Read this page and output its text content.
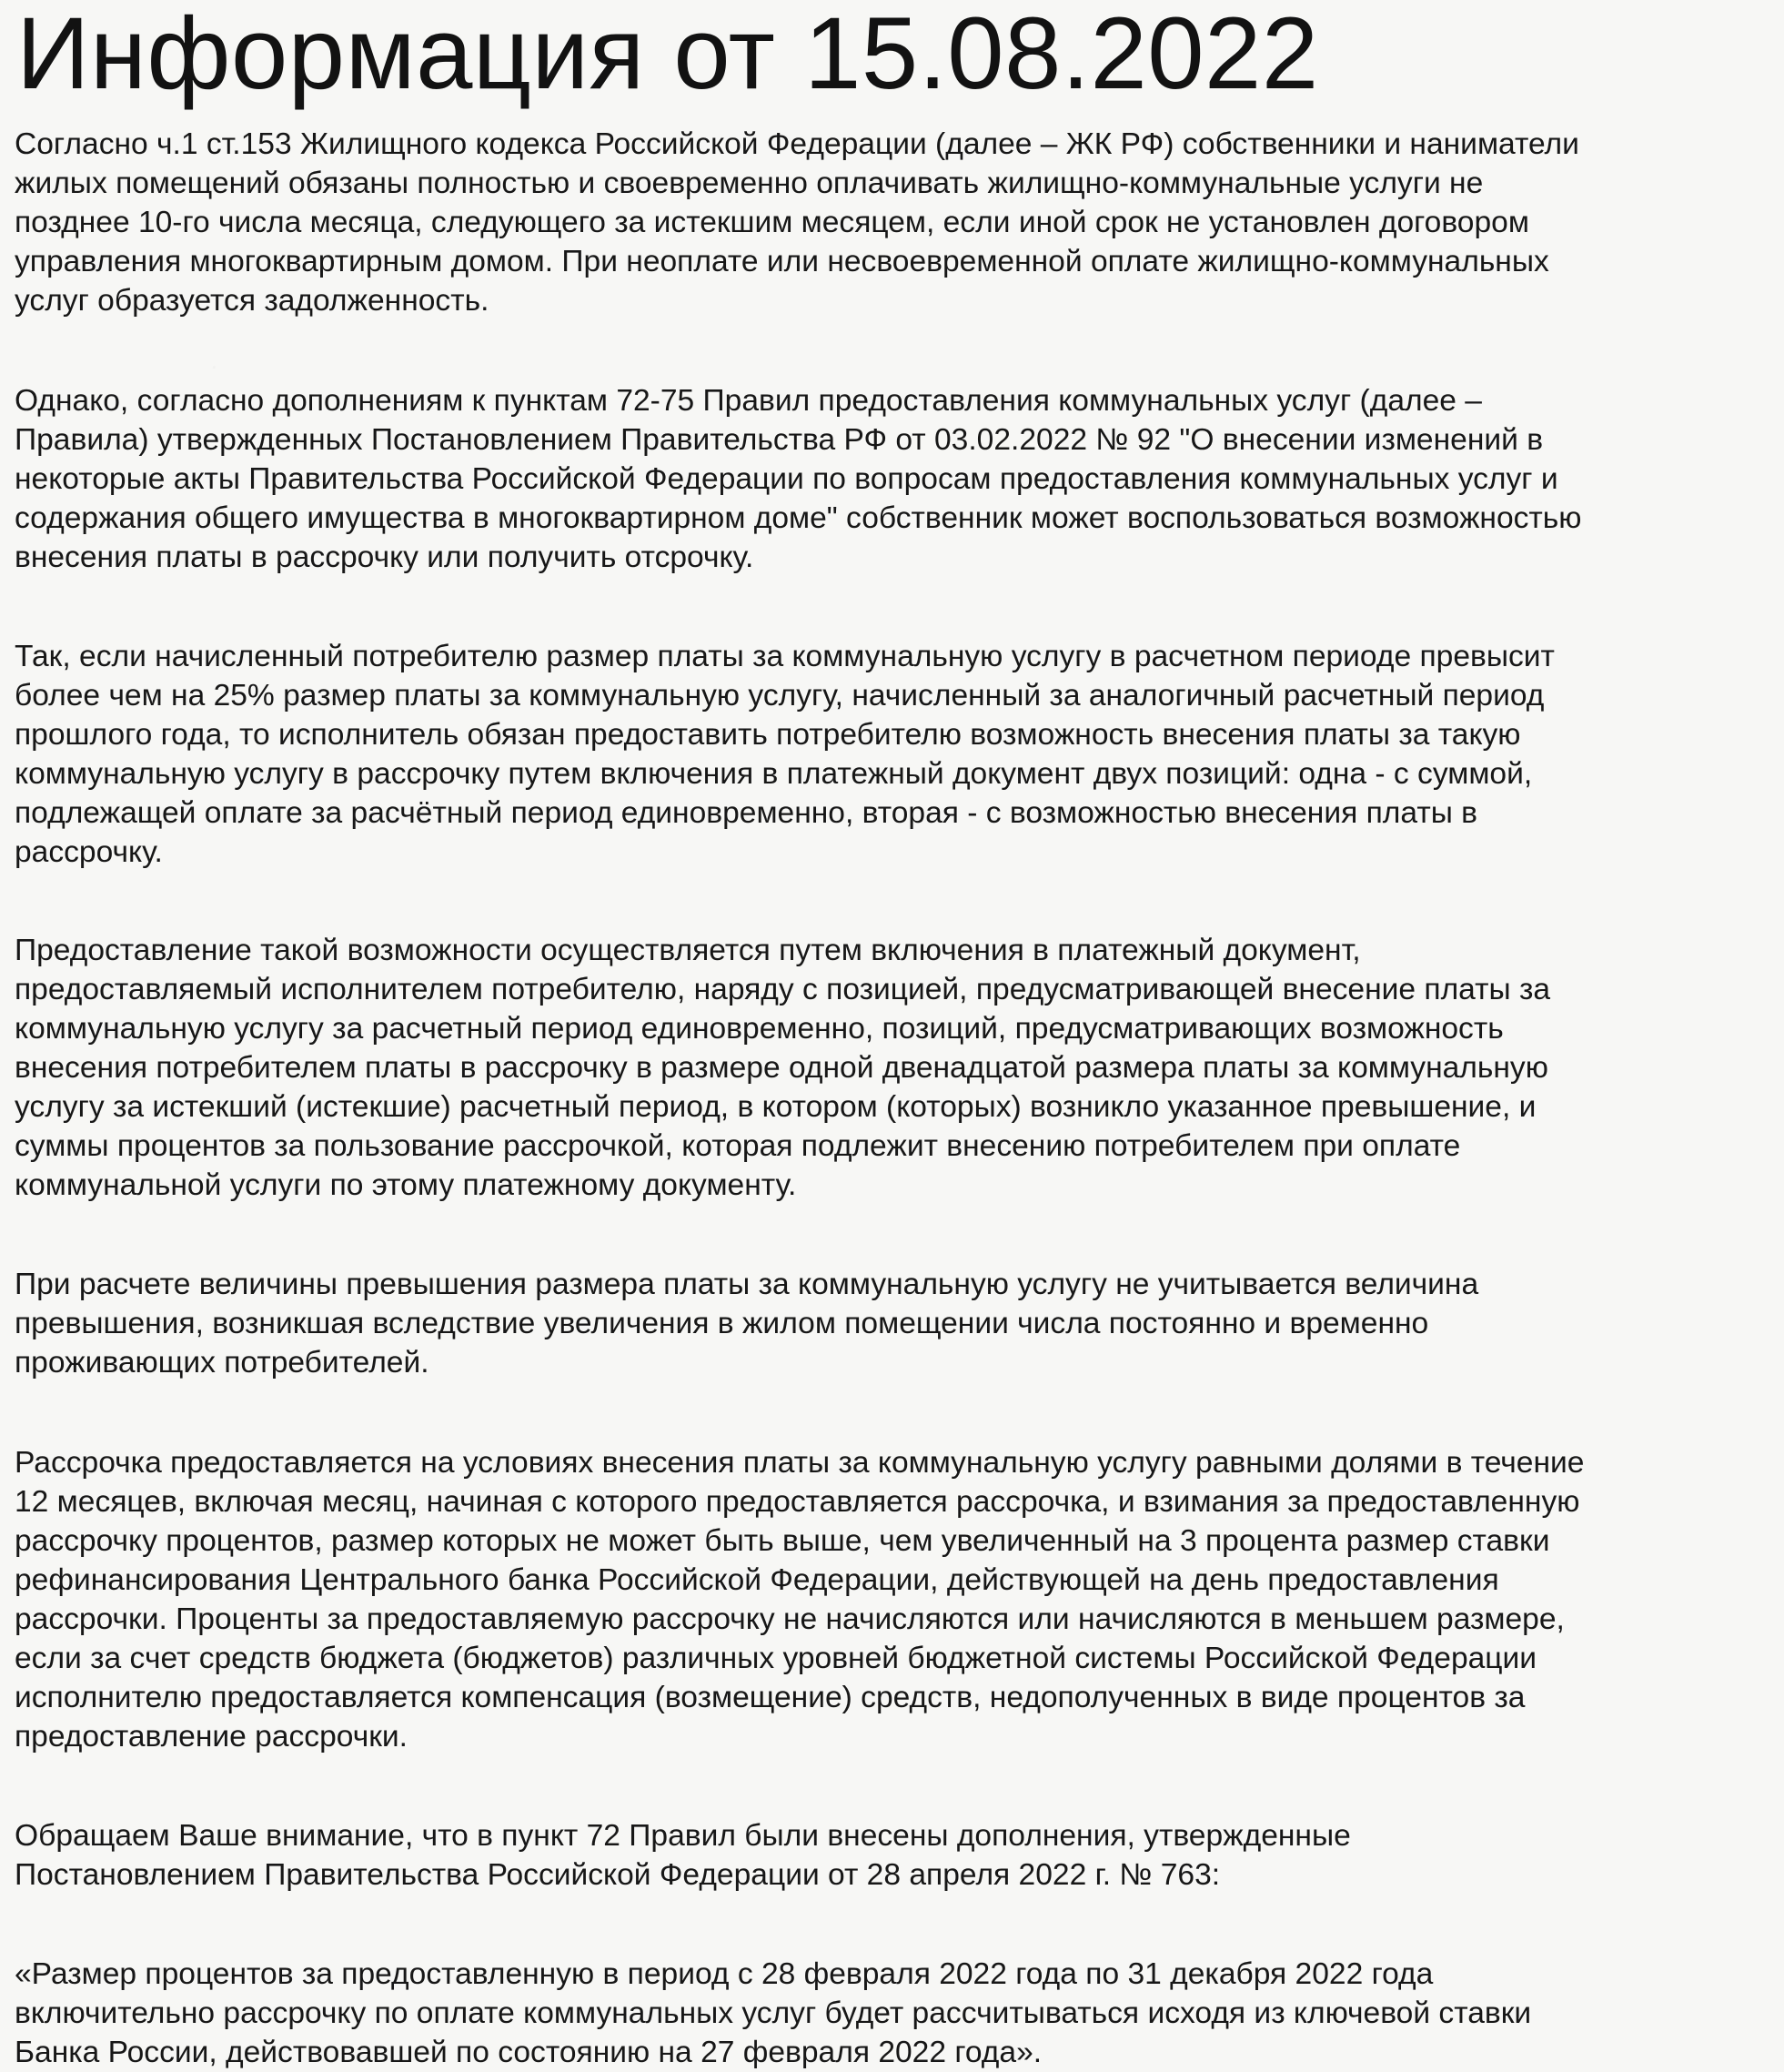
Информация от 15.08.2022

Согласно ч.1 ст.153 Жилищного кодекса Российской Федерации (далее – ЖК РФ) собственники и наниматели
жилых помещений обязаны полностью и своевременно оплачивать жилищно-коммунальные услуги не
позднее 10-го числа месяца, следующего за истекшим месяцем, если иной срок не установлен договором
управления многоквартирным домом. При неоплате или несвоевременной оплате жилищно-коммунальных
услуг образуется задолженность.

Однако, согласно дополнениям к пунктам 72-75 Правил предоставления коммунальных услуг (далее –
Правила) утвержденных Постановлением Правительства РФ от 03.02.2022 № 92 "О внесении изменений в
некоторые акты Правительства Российской Федерации по вопросам предоставления коммунальных услуг и
содержания общего имущества в многоквартирном доме" собственник может воспользоваться возможностью
внесения платы в рассрочку или получить отсрочку.

Так, если начисленный потребителю размер платы за коммунальную услугу в расчетном периоде превысит
более чем на 25% размер платы за коммунальную услугу, начисленный за аналогичный расчетный период
прошлого года, то исполнитель обязан предоставить потребителю возможность внесения платы за такую
коммунальную услугу в рассрочку путем включения в платежный документ двух позиций: одна - с суммой,
подлежащей оплате за расчётный период единовременно, вторая - с возможностью внесения платы в
рассрочку.

Предоставление такой возможности осуществляется путем включения в платежный документ,
предоставляемый исполнителем потребителю, наряду с позицией, предусматривающей внесение платы за
коммунальную услугу за расчетный период единовременно, позиций, предусматривающих возможность
внесения потребителем платы в рассрочку в размере одной двенадцатой размера платы за коммунальную
услугу за истекший (истекшие) расчетный период, в котором (которых) возникло указанное превышение, и
суммы процентов за пользование рассрочкой, которая подлежит внесению потребителем при оплате
коммунальной услуги по этому платежному документу.

При расчете величины превышения размера платы за коммунальную услугу не учитывается величина
превышения, возникшая вследствие увеличения в жилом помещении числа постоянно и временно
проживающих потребителей.

Рассрочка предоставляется на условиях внесения платы за коммунальную услугу равными долями в течение
12 месяцев, включая месяц, начиная с которого предоставляется рассрочка, и взимания за предоставленную
рассрочку процентов, размер которых не может быть выше, чем увеличенный на 3 процента размер ставки
рефинансирования Центрального банка Российской Федерации, действующей на день предоставления
рассрочки. Проценты за предоставляемую рассрочку не начисляются или начисляются в меньшем размере,
если за счет средств бюджета (бюджетов) различных уровней бюджетной системы Российской Федерации
исполнителю предоставляется компенсация (возмещение) средств, недополученных в виде процентов за
предоставление рассрочки.

Обращаем Ваше внимание, что в пункт 72 Правил были внесены дополнения, утвержденные
Постановлением Правительства Российской Федерации от 28 апреля 2022 г. № 763:

«Размер процентов за предоставленную в период с 28 февраля 2022 года по 31 декабря 2022 года
включительно рассрочку по оплате коммунальных услуг будет рассчитываться исходя из ключевой ставки
Банка России, действовавшей по состоянию на 27 февраля 2022 года».
